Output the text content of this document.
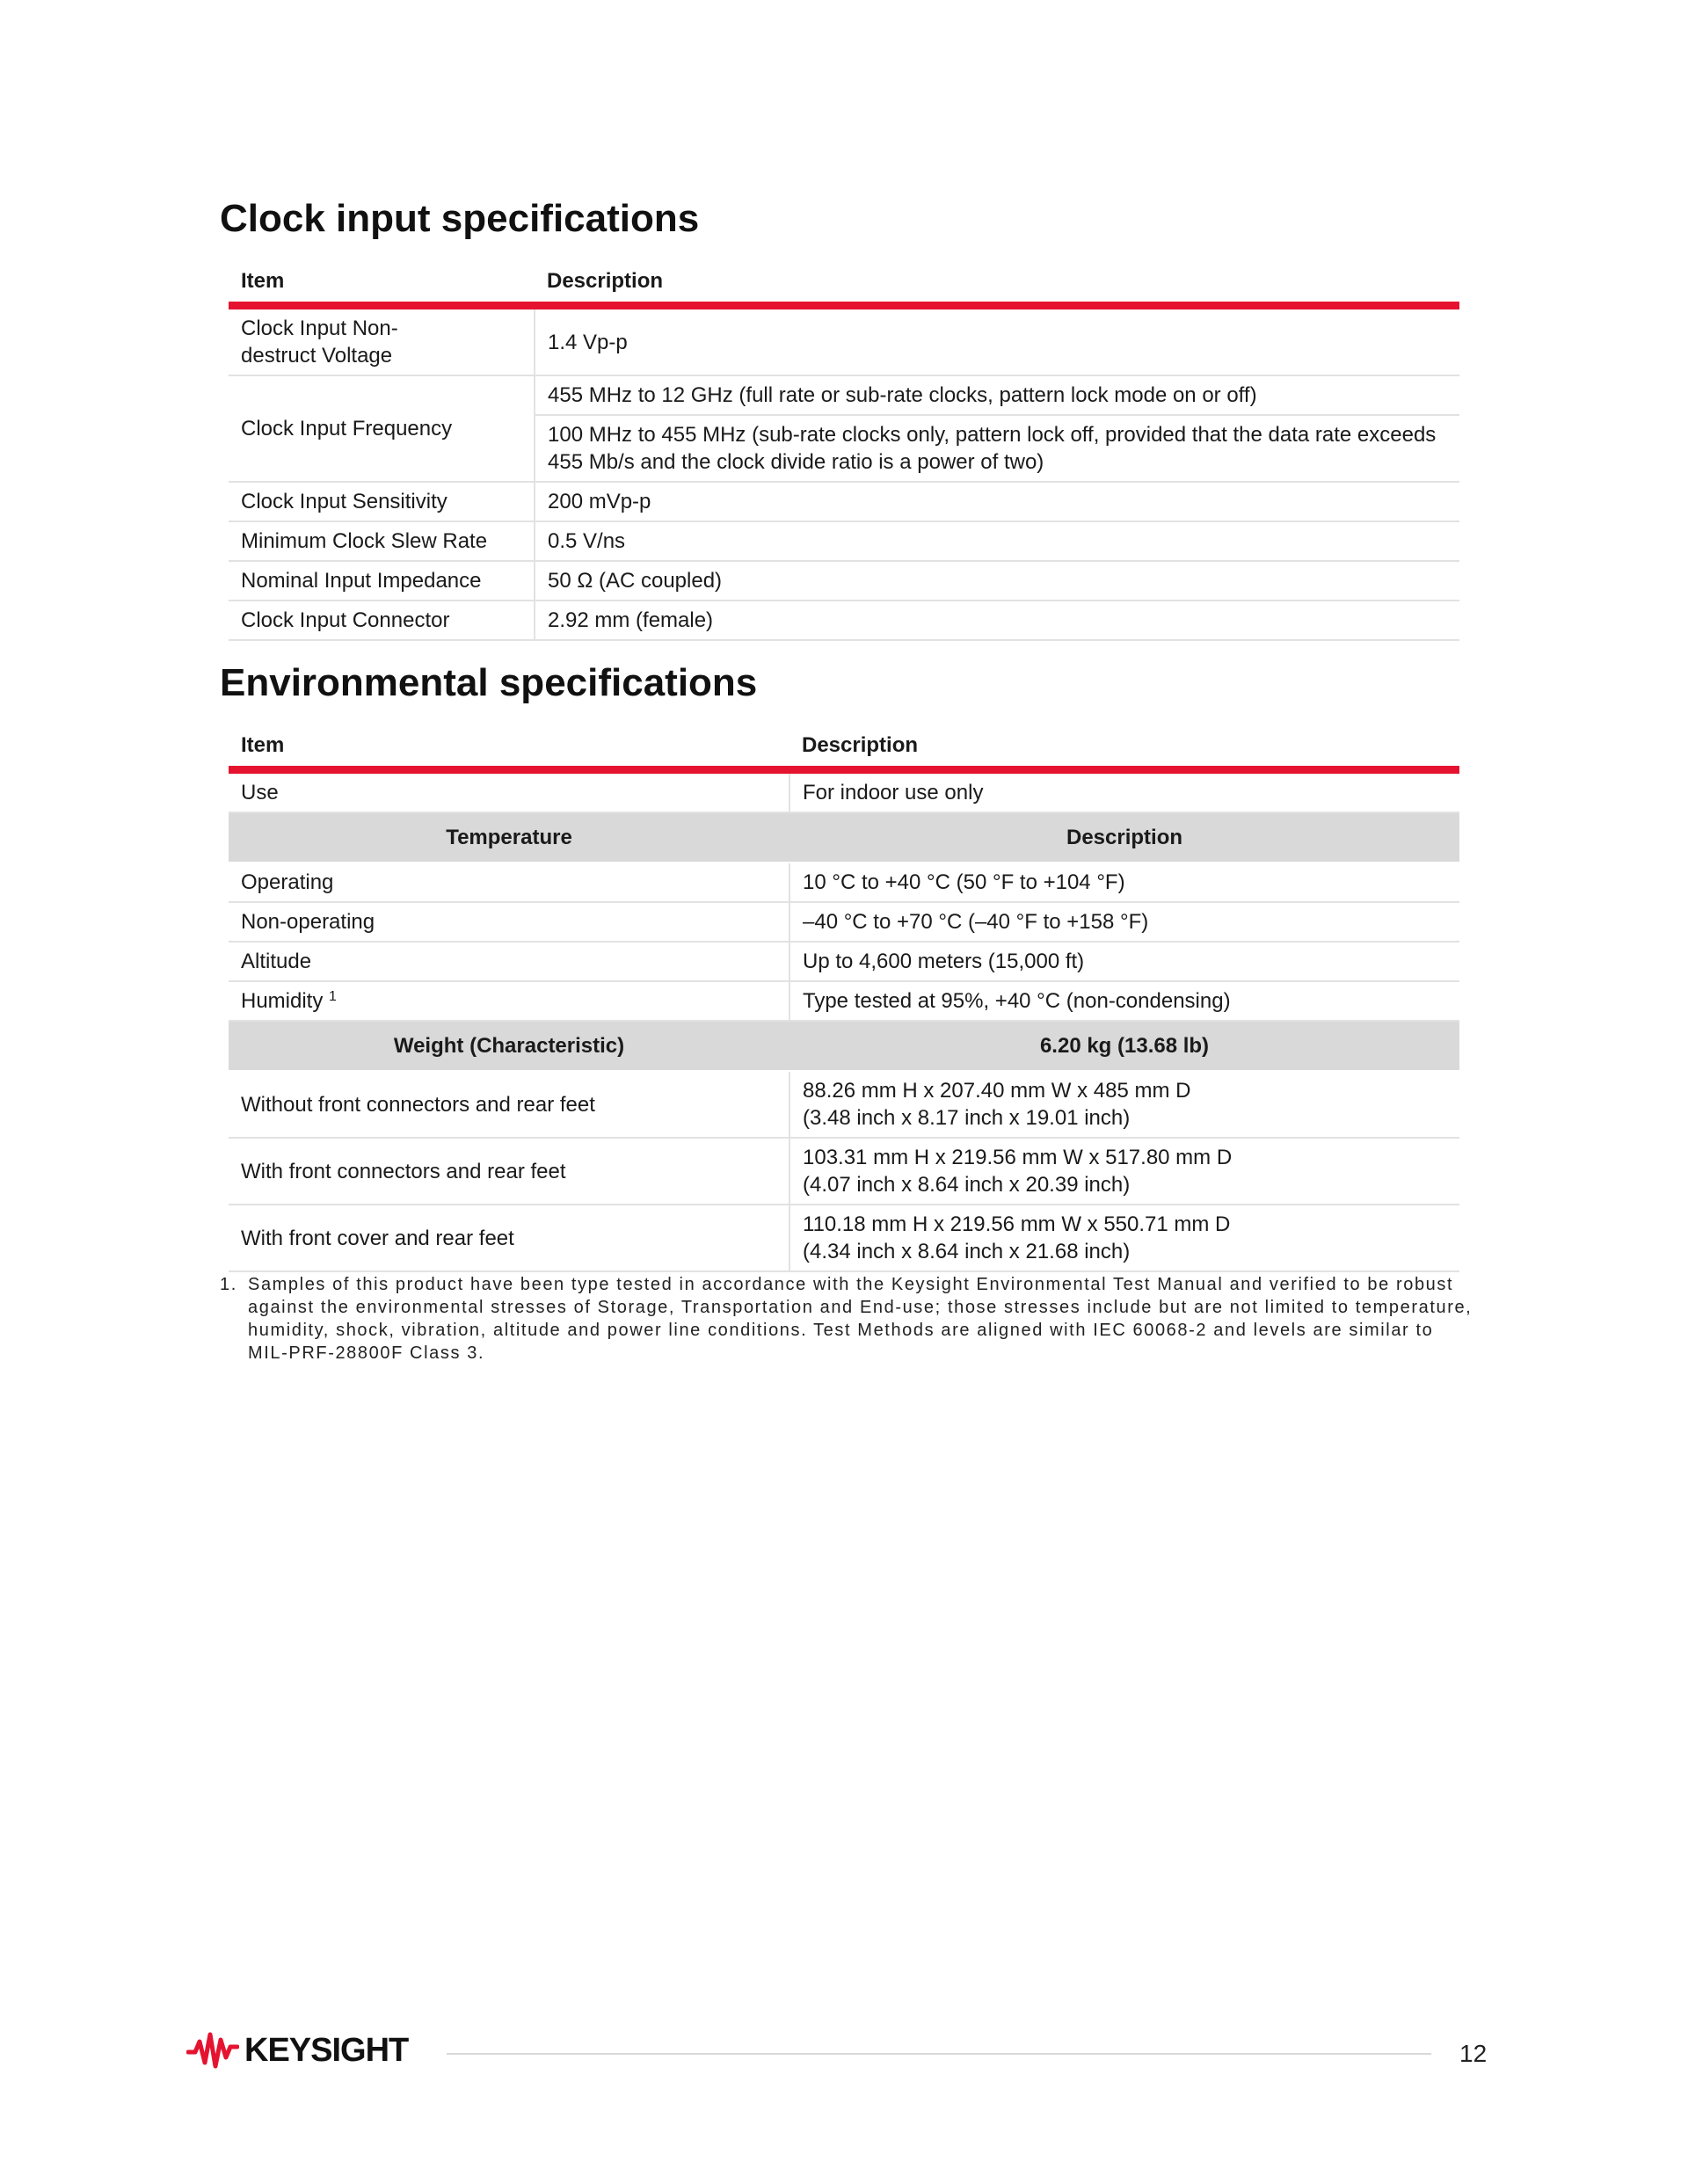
Clock input specifications
Item	Description
Clock Input Non-destruct Voltage	1.4 Vp-p
Clock Input Frequency	455 MHz to 12 GHz (full rate or sub-rate clocks, pattern lock mode on or off)
	100 MHz to 455 MHz (sub-rate clocks only, pattern lock off, provided that the data rate exceeds 455 Mb/s and the clock divide ratio is a power of two)
Clock Input Sensitivity	200 mVp-p
Minimum Clock Slew Rate	0.5 V/ns
Nominal Input Impedance	50 Ω (AC coupled)
Clock Input Connector	2.92 mm (female)
Environmental specifications
Item	Description
Use	For indoor use only
Temperature	Description
Operating	10 °C to +40 °C (50 °F to +104 °F)
Non-operating	–40 °C to +70 °C (–40 °F to +158 °F)
Altitude	Up to 4,600 meters (15,000 ft)
Humidity $^1$	Type tested at 95%, +40 °C (non-condensing)
Weight (Characteristic)	6.20 kg (13.68 lb)
Without front connectors and rear feet	88.26 mm H x 207.40 mm W x 485 mm D
(3.48 inch x 8.17 inch x 19.01 inch)

With front connectors and rear feet	103.31 mm H x 219.56 mm W x 517.80 mm D
(4.07 inch x 8.64 inch x 20.39 inch)

With front cover and rear feet	110.18 mm H x 219.56 mm W x 550.71 mm D
(4.34 inch x 8.64 inch x 21.68 inch)
1. Samples of this product have been type tested in accordance with the Keysight Environmental Test Manual and verified to be robust against the environmental stresses of Storage, Transportation and End-use; those stresses include but are not limited to temperature, humidity, shock, vibration, altitude and power line conditions. Test Methods are aligned with IEC 60068-2 and levels are similar to MIL-PRF-28800F Class 3.
KEYSIGHT	12
